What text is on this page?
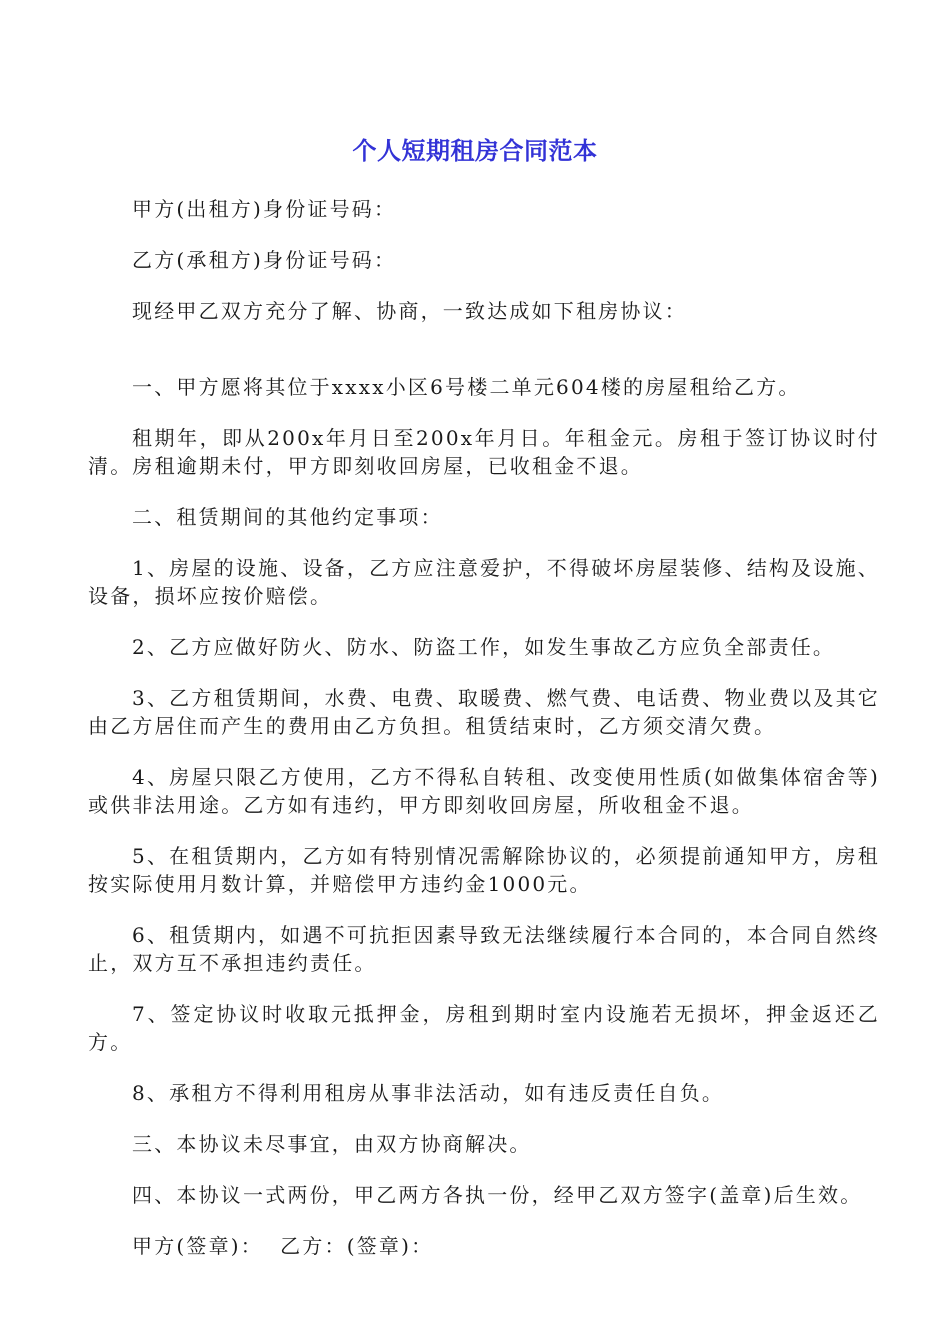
个人短期租房合同范本

甲方(出租方)身份证号码：

乙方(承租方)身份证号码：

现经甲乙双方充分了解、协商，一致达成如下租房协议：

一、甲方愿将其位于xxxx小区6号楼二单元604楼的房屋租给乙方。

租期年，即从200x年月日至200x年月日。年租金元。房租于签订协议时付清。房租逾期未付，甲方即刻收回房屋，已收租金不退。

二、租赁期间的其他约定事项：

1、房屋的设施、设备，乙方应注意爱护，不得破坏房屋装修、结构及设施、设备，损坏应按价赔偿。

2、乙方应做好防火、防水、防盗工作，如发生事故乙方应负全部责任。

3、乙方租赁期间，水费、电费、取暖费、燃气费、电话费、物业费以及其它由乙方居住而产生的费用由乙方负担。租赁结束时，乙方须交清欠费。

4、房屋只限乙方使用，乙方不得私自转租、改变使用性质(如做集体宿舍等)或供非法用途。乙方如有违约，甲方即刻收回房屋，所收租金不退。

5、在租赁期内，乙方如有特别情况需解除协议的，必须提前通知甲方，房租按实际使用月数计算，并赔偿甲方违约金1000元。

6、租赁期内，如遇不可抗拒因素导致无法继续履行本合同的，本合同自然终止，双方互不承担违约责任。

7、签定协议时收取元抵押金，房租到期时室内设施若无损坏，押金返还乙方。

8、承租方不得利用租房从事非法活动，如有违反责任自负。

三、本协议未尽事宜，由双方协商解决。

四、本协议一式两份，甲乙两方各执一份，经甲乙双方签字(盖章)后生效。

甲方(签章)：  乙方：(签章)：
